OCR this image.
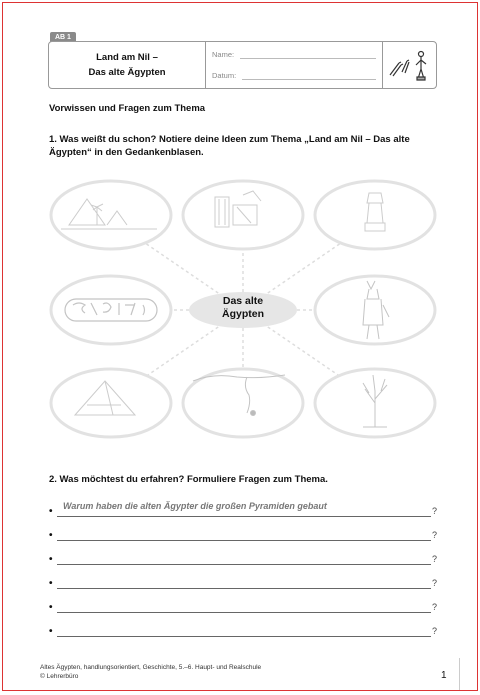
AB 1
Land am Nil –
Das alte Ägypten
Name:
Datum:
Vorwissen und Fragen zum Thema
1. Was weißt du schon? Notiere deine Ideen zum Thema „Land am Nil – Das alte Ägypten“ in den Gedankenblasen.
Das alte
Ägypten
2. Was möchtest du erfahren? Formuliere Fragen zum Thema.
• Warum haben die alten Ägypter die großen Pyramiden gebaut	?
•	?
•	?
•	?
•	?
•	?
Altes Ägypten, handlungsorientiert, Geschichte, 5.–6. Haupt- und Realschule
© Lehrerbüro	1
